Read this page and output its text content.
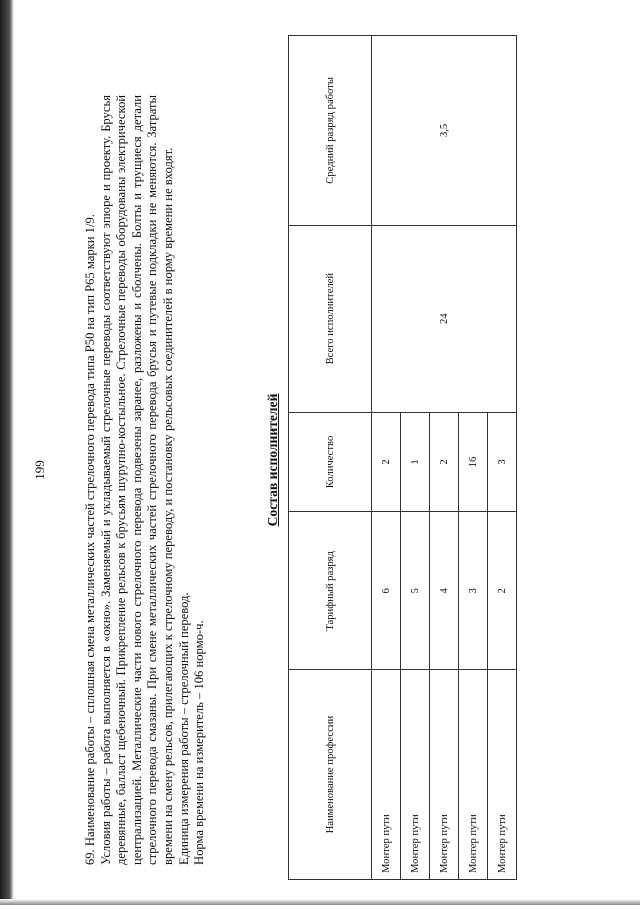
199	69. Наименование работы – сплошная смена металлических частей стрелочного перевода типа Р50 на тип Р65 марки 1/9. Условия работы – работа выполняется в «окно». Заменяемый и укладываемый стрелочные переводы соответствуют эпюре и проекту. Брусья деревянные, балласт щебеночный. Прикрепление рельсов к брусьям шурупно-костыльное. Стрелочные переводы оборудованы электрической централизацией. Металлические части нового стрелочного перевода подвезены заранее, разложены и сболчены. Болты и трущиеся детали стрелочного перевода смазаны. При смене металлических частей стрелочного перевода брусья и путевые подкладки не меняются. Затраты времени на смену рельсов, прилегающих к стрелочному переводу, и постановку рельсовых соединителей в норму времени не входят. Единица измерения работы – стрелочный перевод. Норма времени на измеритель – 106 нормо-ч.

Состав исполнителей
Наименование профессии	Тарифный разряд	Количество	Всего исполнителей	Средний разряд работы
Монтер пути	6	2	24	3,5
Монтер пути	5	1		
Монтер пути	4	2		
Монтер пути	3	16		
Монтер пути	2	3		
